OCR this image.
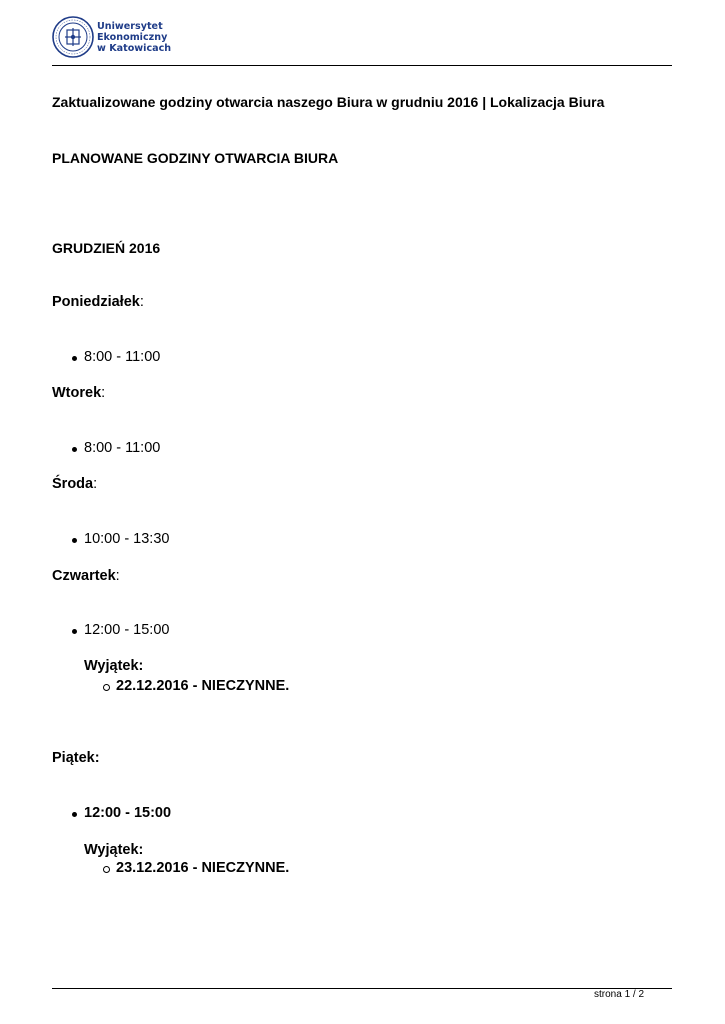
Uniwersytet
Ekonomiczny
w Katowicach
Zaktualizowane godziny otwarcia naszego Biura w grudniu 2016 | Lokalizacja Biura
PLANOWANE GODZINY OTWARCIA BIURA
GRUDZIEŃ 2016
Poniedziałek:
8:00 - 11:00
Wtorek:
8:00 - 11:00
Środa:
10:00 - 13:30
Czwartek:
12:00 - 15:00
Wyjątek:
22.12.2016 - NIECZYNNE.
Piątek:
12:00 - 15:00
Wyjątek:
23.12.2016 - NIECZYNNE.
strona 1 / 2
